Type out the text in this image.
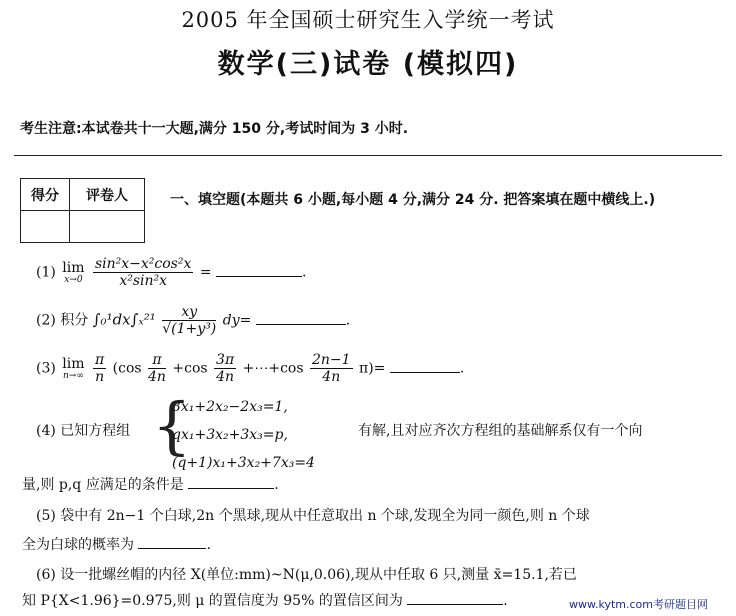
2005 年全国硕士研究生入学统一考试
数学(三)试卷 (模拟四)
考生注意:本试卷共十一大题,满分 150 分,考试时间为 3 小时.
得分	评卷人
		一、填空题(本题共 6 小题,每小题 4 分,满分 24 分. 把答案填在题中横线上.)
(1) lim
x→0
$\frac{\text{sin²x−x²cos²x}}{\text{x²sin²x}}$ =	.
(2) 积分 $\int_0^1dx\int_x^{21} \frac{xy}{\text{√(1+y³)}} dy=$	.
(3) lim
n→∞
$\frac{\pi}{n} (\cos \frac{\pi}{4n} +\cos \frac{3\pi}{4n}$ +⋯+cos $\frac{2n-1}{4n} \pi)=$	.
(4) 已知方程组 {
3x₁+2x₂−2x₃=1,
qx₁+3x₂+3x₃=p,
(q+1)x₁+3x₂+7x₃=4
有解,且对应齐次方程组的基础解系仅有一个向
量,则 p,q 应满足的条件是	.
(5) 袋中有 2n−1 个白球,2n 个黑球,现从中任意取出 n 个球,发现全为同一颜色,则 n 个球
全为白球的概率为	.
(6) 设一批螺丝帽的内径 X(单位:mm)~N(μ,0.06),现从中任取 6 只,测量 x̄=15.1,若已
知 P{X<1.96}=0.975,则 μ 的置信度为 95% 的置信区间为	.	www.kytm.com考研题目网
